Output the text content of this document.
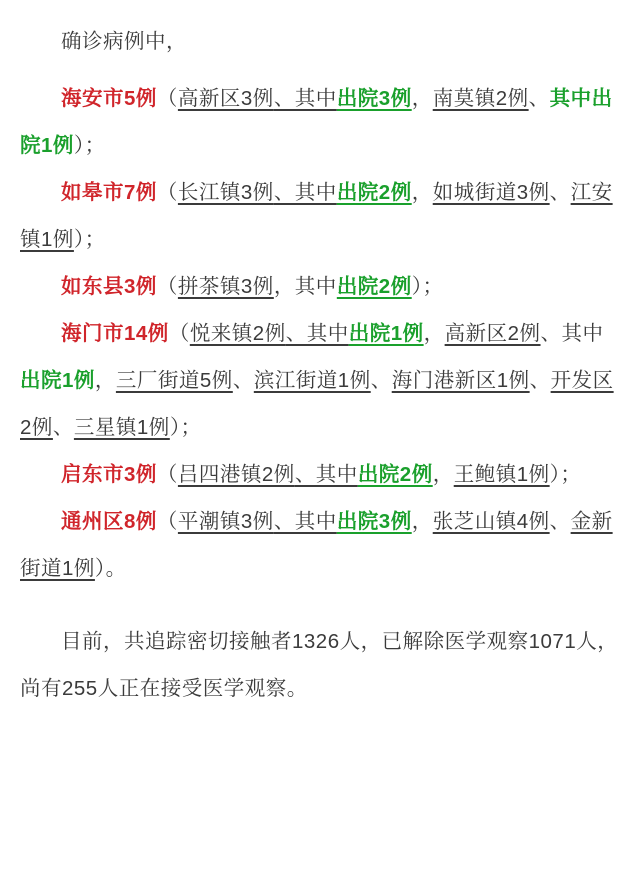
确诊病例中，

海安市5例（高新区3例、其中出院3例，南莫镇2例、其中出院1例）；

如皋市7例（长江镇3例、其中出院2例，如城街道3例、江安镇1例）；

如东县3例（拼茶镇3例，其中出院2例）；

海门市14例（悦来镇2例、其中出院1例，高新区2例、其中出院1例，三厂街道5例、滨江街道1例、海门港新区1例、开发区2例、三星镇1例）；

启东市3例（吕四港镇2例、其中出院2例，王鲍镇1例）；

通州区8例（平潮镇3例、其中出院3例，张芝山镇4例、金新街道1例）。

目前，共追踪密切接触者1326人，已解除医学观察1071人，尚有255人正在接受医学观察。
